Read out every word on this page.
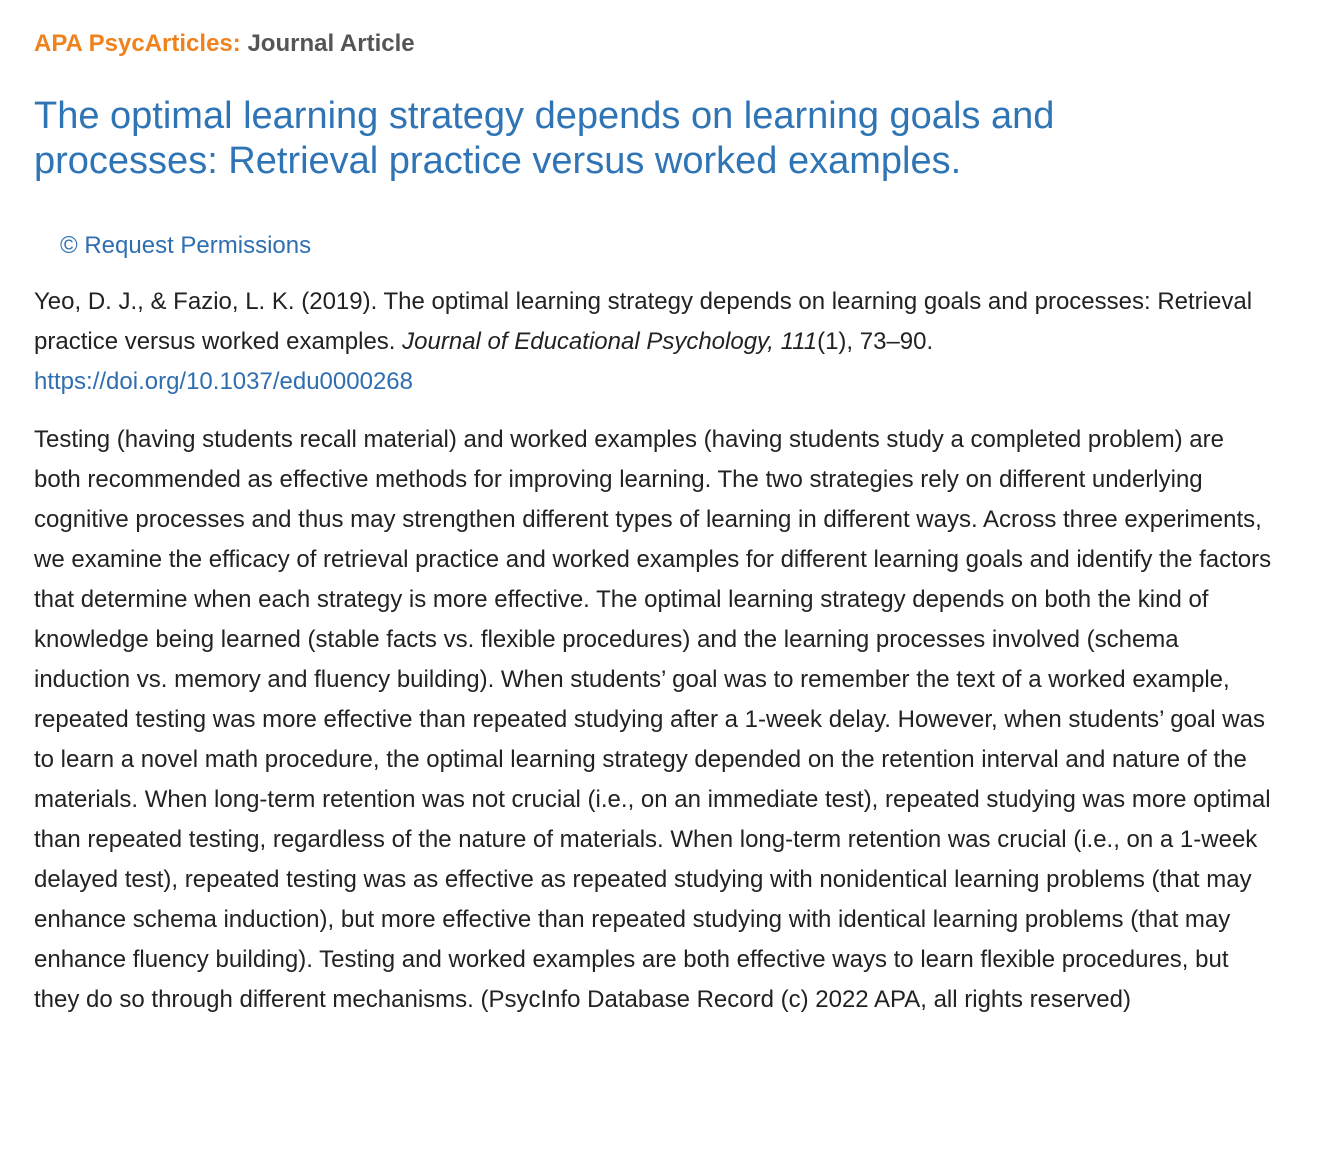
APA PsycArticles: Journal Article

The optimal learning strategy depends on learning goals and processes: Retrieval practice versus worked examples.
© Request Permissions

Yeo, D. J., & Fazio, L. K. (2019). The optimal learning strategy depends on learning goals and processes: Retrieval practice versus worked examples. Journal of Educational Psychology, 111(1), 73–90. https://doi.org/10.1037/edu0000268

Testing (having students recall material) and worked examples (having students study a completed problem) are both recommended as effective methods for improving learning. The two strategies rely on different underlying cognitive processes and thus may strengthen different types of learning in different ways. Across three experiments, we examine the efficacy of retrieval practice and worked examples for different learning goals and identify the factors that determine when each strategy is more effective. The optimal learning strategy depends on both the kind of knowledge being learned (stable facts vs. flexible procedures) and the learning processes involved (schema induction vs. memory and fluency building). When students’ goal was to remember the text of a worked example, repeated testing was more effective than repeated studying after a 1-week delay. However, when students’ goal was to learn a novel math procedure, the optimal learning strategy depended on the retention interval and nature of the materials. When long-term retention was not crucial (i.e., on an immediate test), repeated studying was more optimal than repeated testing, regardless of the nature of materials. When long-term retention was crucial (i.e., on a 1-week delayed test), repeated testing was as effective as repeated studying with nonidentical learning problems (that may enhance schema induction), but more effective than repeated studying with identical learning problems (that may enhance fluency building). Testing and worked examples are both effective ways to learn flexible procedures, but they do so through different mechanisms. (PsycInfo Database Record (c) 2022 APA, all rights reserved)
